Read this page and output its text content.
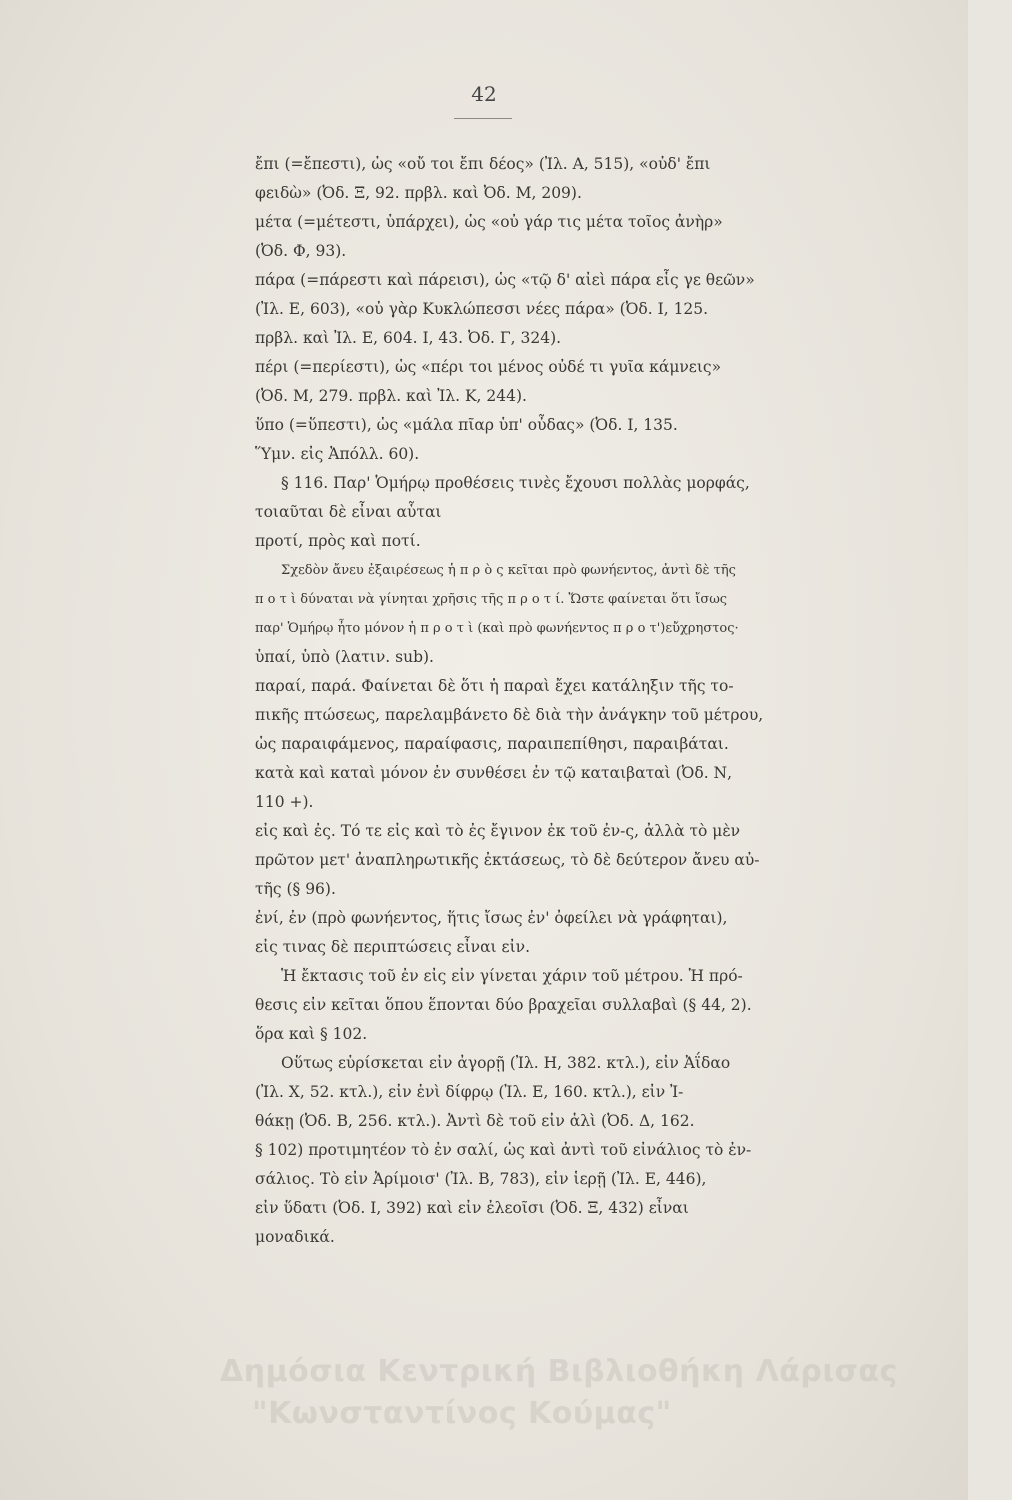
42
ἔπι (=ἔπεστι), ὡς «οὔ τοι ἔπι δέος» (Ἰλ. Α, 515), «οὐδ' ἔπι
φειδὼ» (Ὀδ. Ξ, 92. πρβλ. καὶ Ὀδ. Μ, 209).
μέτα (=μέτεστι, ὑπάρχει), ὡς «οὐ γάρ τις μέτα τοῖος ἀνὴρ»
(Ὀδ. Φ, 93).
πάρα (=πάρεστι καὶ πάρεισι), ὡς «τῷ δ' αἰεὶ πάρα εἷς γε θεῶν»
(Ἰλ. Ε, 603), «οὐ γὰρ Κυκλώπεσσι νέες πάρα» (Ὀδ. Ι, 125.
πρβλ. καὶ Ἰλ. Ε, 604. Ι, 43. Ὀδ. Γ, 324).
πέρι (=περίεστι), ὡς «πέρι τοι μένος οὐδέ τι γυῖα κάμνεις»
(Ὀδ. Μ, 279. πρβλ. καὶ Ἰλ. Κ, 244).
ὕπο (=ὕπεστι), ὡς «μάλα πῖαρ ὑπ' οὖδας» (Ὀδ. Ι, 135.
Ὕμν. εἰς Ἀπόλλ. 60).
§ 116. Παρ' Ὁμήρῳ προθέσεις τινὲς ἔχουσι πολλὰς μορφάς,
τοιαῦται δὲ εἶναι αὗται
προτί, πρὸς καὶ ποτί.
Σχεδὸν ἄνευ ἐξαιρέσεως ἡ π ρ ὸ ς κεῖται πρὸ φωνήεντος, ἀντὶ δὲ τῆς
π ο τ ὶ δύναται νὰ γίνηται χρῆσις τῆς π ρ ο τ ί. Ὥστε φαίνεται ὅτι ἴσως
παρ' Ὁμήρῳ ἦτο μόνον ἡ π ρ ο τ ὶ (καὶ πρὸ φωνήεντος π ρ ο τ')εὔχρηστος·
ὑπαί, ὑπὸ (λατιν. sub).
παραί, παρά. Φαίνεται δὲ ὅτι ἡ παραὶ ἔχει κατάληξιν τῆς το-
πικῆς πτώσεως, παρελαμβάνετο δὲ διὰ τὴν ἀνάγκην τοῦ μέτρου,
ὡς παραιφάμενος, παραίφασις, παραιπεπίθησι, παραιβάται.
κατὰ καὶ καταὶ μόνον ἐν συνθέσει ἐν τῷ καταιβαταὶ (Ὀδ. Ν,
110 +).
εἰς καὶ ἐς. Τό τε εἰς καὶ τὸ ἐς ἔγινον ἐκ τοῦ ἐν-ς, ἀλλὰ τὸ μὲν
πρῶτον μετ' ἀναπληρωτικῆς ἐκτάσεως, τὸ δὲ δεύτερον ἄνευ αὐ-
τῆς (§ 96).
ἐνί, ἐν (πρὸ φωνήεντος, ἥτις ἴσως ἐν' ὀφείλει νὰ γράφηται),
εἰς τινας δὲ περιπτώσεις εἶναι εἰν.
Ἡ ἔκτασις τοῦ ἐν εἰς εἰν γίνεται χάριν τοῦ μέτρου. Ἡ πρό-
θεσις εἰν κεῖται ὅπου ἕπονται δύο βραχεῖαι συλλαβαὶ (§ 44, 2).
ὅρα καὶ § 102.
Οὕτως εὑρίσκεται εἰν ἀγορῇ (Ἰλ. Η, 382. κτλ.), εἰν Ἀΐδαο
(Ἰλ. Χ, 52. κτλ.), εἰν ἑνὶ δίφρῳ (Ἰλ. Ε, 160. κτλ.), εἰν Ἰ-
θάκῃ (Ὀδ. Β, 256. κτλ.). Ἀντὶ δὲ τοῦ εἰν ἁλὶ (Ὀδ. Δ, 162.
§ 102) προτιμητέον τὸ ἐν σαλί, ὡς καὶ ἀντὶ τοῦ εἰνάλιος τὸ ἐν-
σάλιος. Τὸ εἰν Ἀρίμοισ' (Ἰλ. Β, 783), εἰν ἱερῇ (Ἰλ. Ε, 446),
εἰν ὕδατι (Ὀδ. Ι, 392) καὶ εἰν ἐλεοῖσι (Ὀδ. Ξ, 432) εἶναι
μοναδικά.
Δημόσια Κεντρική Βιβλιοθήκη Λάρισας
"Κωνσταντίνος Κούμας"
